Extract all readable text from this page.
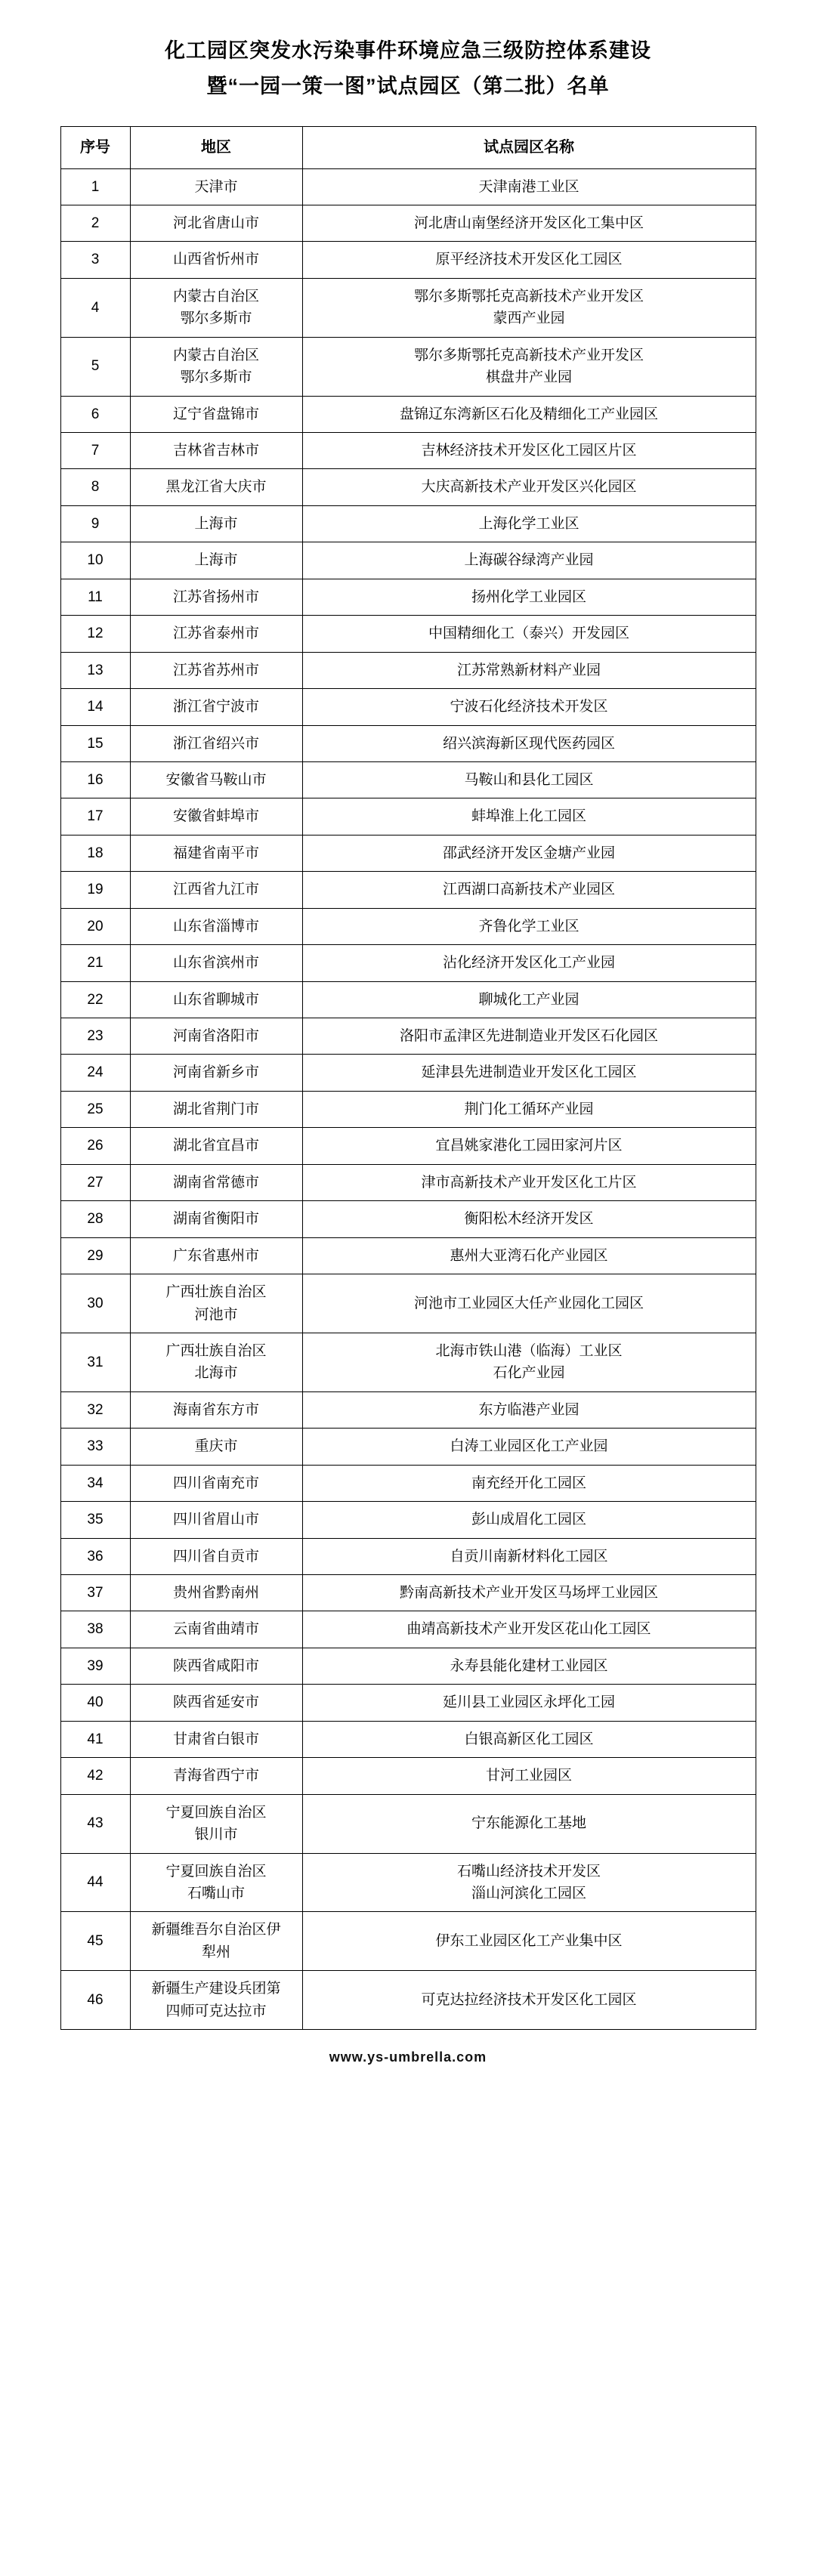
化工园区突发水污染事件环境应急三级防控体系建设
暨“一园一策一图”试点园区（第二批）名单
序号	地区	试点园区名称
1	天津市	天津南港工业区

2	河北省唐山市	河北唐山南堡经济开发区化工集中区

3	山西省忻州市	原平经济技术开发区化工园区

4	内蒙古自治区
鄂尔多斯市	鄂尔多斯鄂托克高新技术产业开发区
蒙西产业园

5	内蒙古自治区
鄂尔多斯市	鄂尔多斯鄂托克高新技术产业开发区
棋盘井产业园

6	辽宁省盘锦市	盘锦辽东湾新区石化及精细化工产业园区

7	吉林省吉林市	吉林经济技术开发区化工园区片区

8	黑龙江省大庆市	大庆高新技术产业开发区兴化园区

9	上海市	上海化学工业区

10	上海市	上海碳谷绿湾产业园

11	江苏省扬州市	扬州化学工业园区

12	江苏省泰州市	中国精细化工（泰兴）开发园区

13	江苏省苏州市	江苏常熟新材料产业园

14	浙江省宁波市	宁波石化经济技术开发区

15	浙江省绍兴市	绍兴滨海新区现代医药园区

16	安徽省马鞍山市	马鞍山和县化工园区

17	安徽省蚌埠市	蚌埠淮上化工园区

18	福建省南平市	邵武经济开发区金塘产业园

19	江西省九江市	江西湖口高新技术产业园区

20	山东省淄博市	齐鲁化学工业区

21	山东省滨州市	沾化经济开发区化工产业园

22	山东省聊城市	聊城化工产业园

23	河南省洛阳市	洛阳市孟津区先进制造业开发区石化园区

24	河南省新乡市	延津县先进制造业开发区化工园区

25	湖北省荆门市	荆门化工循环产业园

26	湖北省宜昌市	宜昌姚家港化工园田家河片区

27	湖南省常德市	津市高新技术产业开发区化工片区

28	湖南省衡阳市	衡阳松木经济开发区

29	广东省惠州市	惠州大亚湾石化产业园区

30	广西壮族自治区
河池市	河池市工业园区大任产业园化工园区

31	广西壮族自治区
北海市	北海市铁山港（临海）工业区
石化产业园

32	海南省东方市	东方临港产业园

33	重庆市	白涛工业园区化工产业园

34	四川省南充市	南充经开化工园区

35	四川省眉山市	彭山成眉化工园区

36	四川省自贡市	自贡川南新材料化工园区

37	贵州省黔南州	黔南高新技术产业开发区马场坪工业园区

38	云南省曲靖市	曲靖高新技术产业开发区花山化工园区

39	陕西省咸阳市	永寿县能化建材工业园区

40	陕西省延安市	延川县工业园区永坪化工园

41	甘肃省白银市	白银高新区化工园区

42	青海省西宁市	甘河工业园区

43	宁夏回族自治区
银川市	宁东能源化工基地

44	宁夏回族自治区
石嘴山市	石嘴山经济技术开发区
淄山河滨化工园区

45	新疆维吾尔自治区伊
犁州	伊东工业园区化工产业集中区

46	新疆生产建设兵团第
四师可克达拉市	可克达拉经济技术开发区化工园区
www.ys-umbrella.com
